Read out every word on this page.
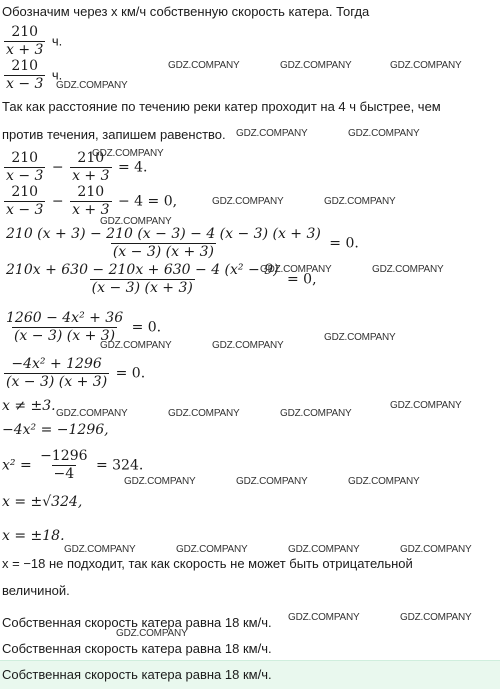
Обозначим через x км/ч собственную скорость катера. Тогда
$\frac{210}{x + 3} ч$.
$\frac{210}{x - 3} ч$.
Так как расстояние по течению реки катер проходит на 4 ч быстрее, чем
против течения, запишем равенство.
$\frac{210}{x - 3} - \frac{210}{x + 3} = 4$.
$\frac{210}{x - 3} - \frac{210}{x + 3} - 4 = 0$,
$\frac{210 (x + 3) - 210 (x - 3) - 4 (x - 3) (x + 3)}{(x - 3) (x + 3)} = 0$.
$\frac{\text{210x + 630 − 210x + 630 − 4 (x² − 9)}}{(x - 3) (x + 3)} = 0$,
$\frac{\text{1260 − 4x² + 36}}{(x - 3) (x + 3)} = 0$.
$\frac{\text{−4x² + 1296}}{(x - 3) (x + 3)} = 0$.
x ≠ ±3.
−4x² = −1296,
$x^2 = \frac{-1296}{-4} = 324$.
x = ±√324,
x = ±18.
x = −18 не подходит, так как скорость не может быть отрицательной
величиной.
Собственная скорость катера равна 18 км/ч.
Собственная скорость катера равна 18 км/ч.
Собственная скорость катера равна 18 км/ч.
GDZ.COMPANY	GDZ.COMPANY	GDZ.COMPANY
GDZ.COMPANY
GDZ.COMPANY	GDZ.COMPANY
GDZ.COMPANY
GDZ.COMPANY	GDZ.COMPANY
GDZ.COMPANY
GDZ.COMPANY	GDZ.COMPANY
GDZ.COMPANY
GDZ.COMPANY	GDZ.COMPANY
GDZ.COMPANY
GDZ.COMPANY	GDZ.COMPANY	GDZ.COMPANY
GDZ.COMPANY	GDZ.COMPANY	GDZ.COMPANY
GDZ.COMPANY	GDZ.COMPANY	GDZ.COMPANY	GDZ.COMPANY
GDZ.COMPANY	GDZ.COMPANY
GDZ.COMPANY
